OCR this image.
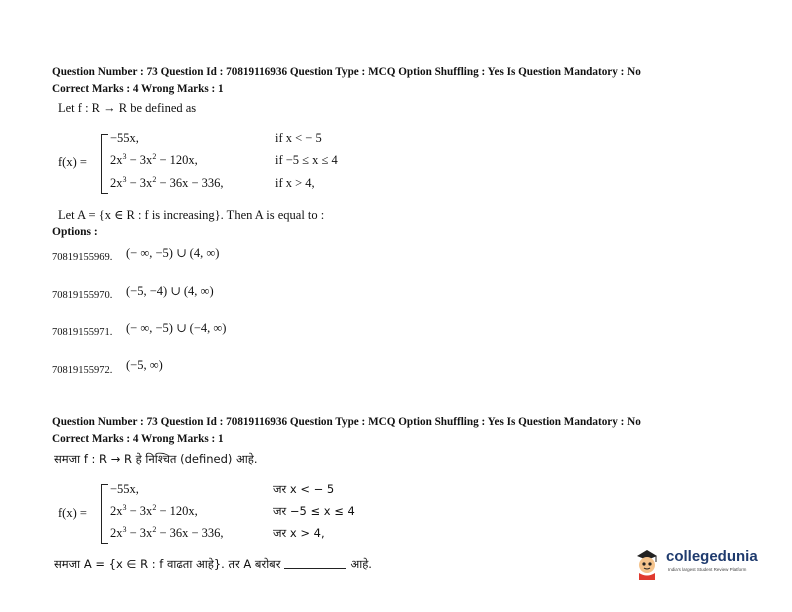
Question Number : 73 Question Id : 70819116936 Question Type : MCQ Option Shuffling : Yes Is Question Mandatory : No
Correct Marks : 4 Wrong Marks : 1
Let f : R → R be defined as
f(x) =
−55x,
$2x^3 - 3x^2 - 120x$,
$2x^3 - 3x^2 - 36x - 336$,
if x < − 5
if −5 ≤ x ≤ 4
if x > 4,
Let A = {x ∈ R : f is increasing}. Then A is equal to :
Options :
70819155969. (− ∞, −5) ∪ (4, ∞)
70819155970. (−5, −4) ∪ (4, ∞)
70819155971. (− ∞, −5) ∪ (−4, ∞)
70819155972. (−5, ∞)
Question Number : 73 Question Id : 70819116936 Question Type : MCQ Option Shuffling : Yes Is Question Mandatory : No
Correct Marks : 4 Wrong Marks : 1
समजा f : R → R हे निश्चित (defined) आहे.
f(x) =
−55x,
$2x^3 - 3x^2 - 120x$,
$2x^3 - 3x^2 - 36x - 336$,
जर x < − 5
जर −5 ≤ x ≤ 4
जर x > 4,
समजा A = {x ∈ R : f वाढता आहे}. तर A बरोबर	आहे.	collegedunia
India's largest Student Review Platform
